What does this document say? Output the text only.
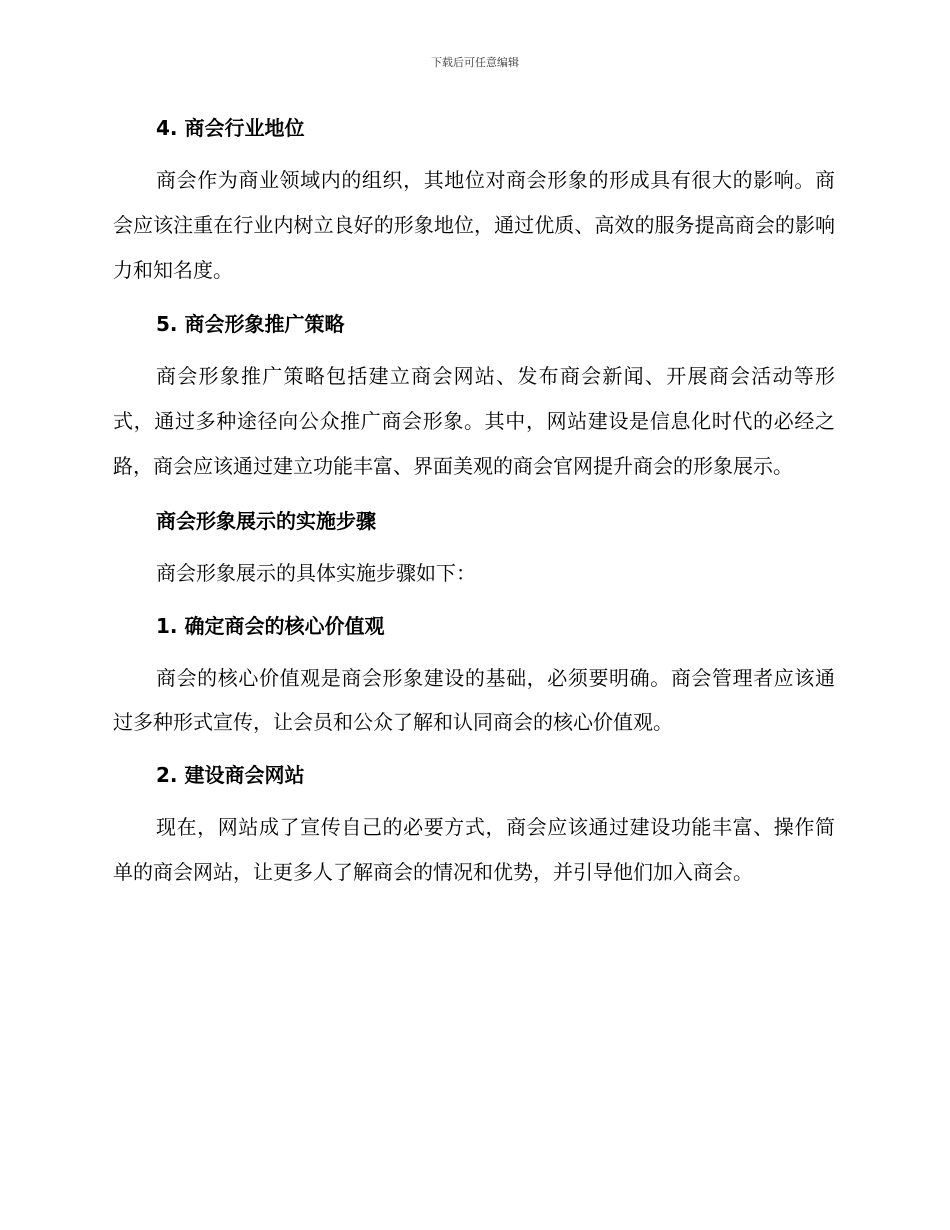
下载后可任意编辑
4. 商会行业地位

商会作为商业领域内的组织，其地位对商会形象的形成具有很大的影响。商会应该注重在行业内树立良好的形象地位，通过优质、高效的服务提高商会的影响力和知名度。

5. 商会形象推广策略

商会形象推广策略包括建立商会网站、发布商会新闻、开展商会活动等形式，通过多种途径向公众推广商会形象。其中，网站建设是信息化时代的必经之路，商会应该通过建立功能丰富、界面美观的商会官网提升商会的形象展示。

商会形象展示的实施步骤

商会形象展示的具体实施步骤如下：

1. 确定商会的核心价值观

商会的核心价值观是商会形象建设的基础，必须要明确。商会管理者应该通过多种形式宣传，让会员和公众了解和认同商会的核心价值观。

2. 建设商会网站

现在，网站成了宣传自己的必要方式，商会应该通过建设功能丰富、操作简单的商会网站，让更多人了解商会的情况和优势，并引导他们加入商会。
